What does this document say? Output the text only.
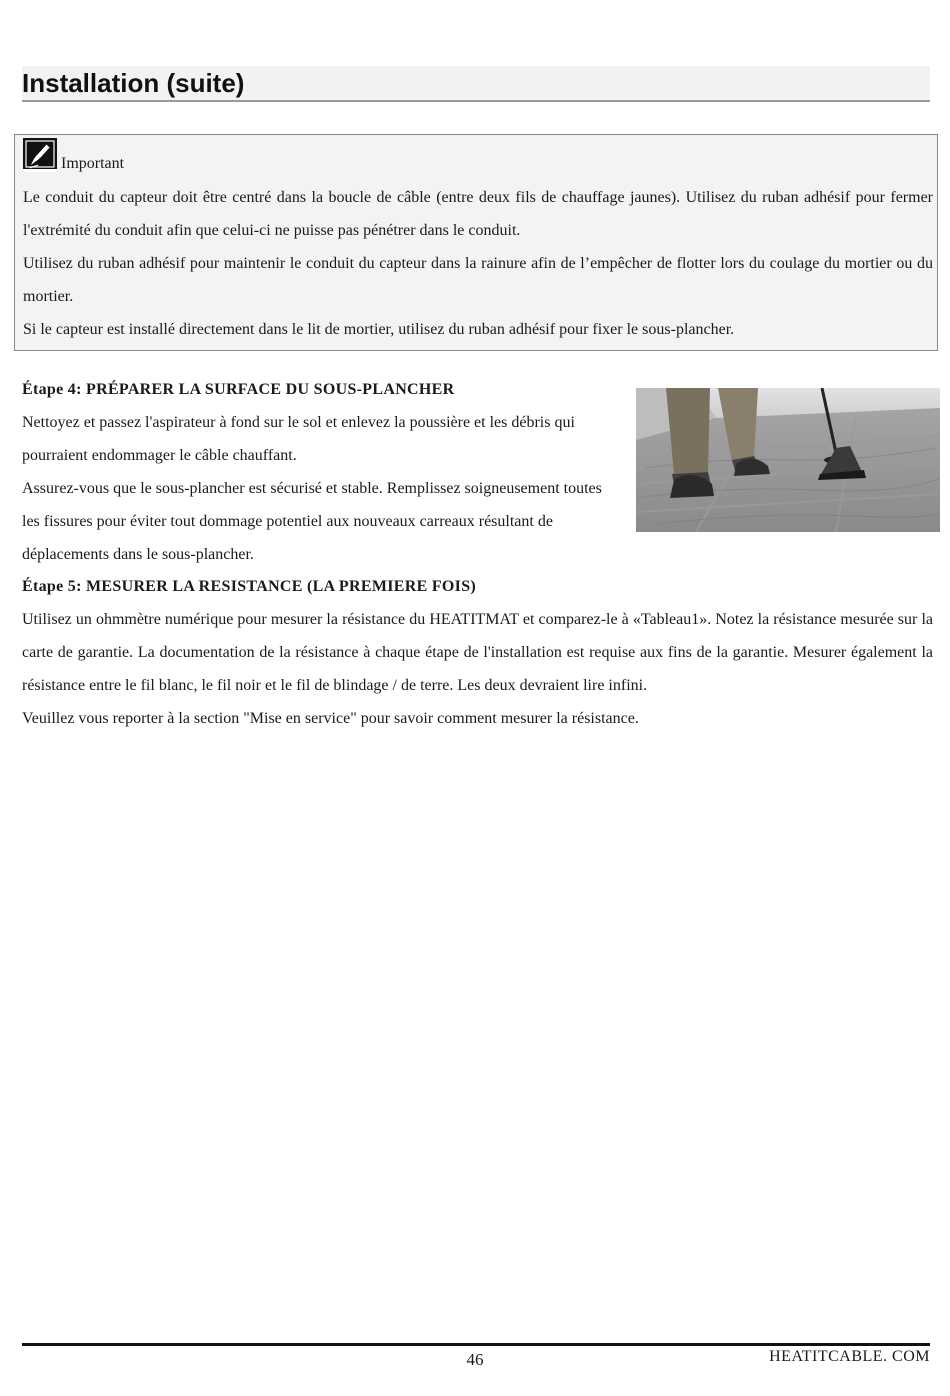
Installation (suite)
Important

Le conduit du capteur doit être centré dans la boucle de câble (entre deux fils de chauffage jaunes). Utilisez du ruban adhésif pour fermer l'extrémité du conduit afin que celui-ci ne puisse pas pénétrer dans le conduit.

Utilisez du ruban adhésif pour maintenir le conduit du capteur dans la rainure afin de l’empêcher de flotter lors du coulage du mortier ou du mortier.

Si le capteur est installé directement dans le lit de mortier, utilisez du ruban adhésif pour fixer le sous-plancher.

Étape 4: PRÉPARER LA SURFACE DU SOUS-PLANCHER

Nettoyez et passez l'aspirateur à fond sur le sol et enlevez la poussière et les débris qui pourraient endommager le câble chauffant.

Assurez-vous que le sous-plancher est sécurisé et stable. Remplissez soigneusement toutes les fissures pour éviter tout dommage potentiel aux nouveaux carreaux résultant de déplacements dans le sous-plancher.

Étape 5: MESURER LA RESISTANCE (LA PREMIERE FOIS)

Utilisez un ohmmètre numérique pour mesurer la résistance du HEATITMAT et comparez-le à «Tableau1». Notez la résistance mesurée sur la carte de garantie. La documentation de la résistance à chaque étape de l'installation est requise aux fins de la garantie. Mesurer également la résistance entre le fil blanc, le fil noir et le fil de blindage / de terre. Les deux devraient lire infini.

Veuillez vous reporter à la section "Mise en service" pour savoir comment mesurer la résistance.

46	HEATITCABLE. COM
